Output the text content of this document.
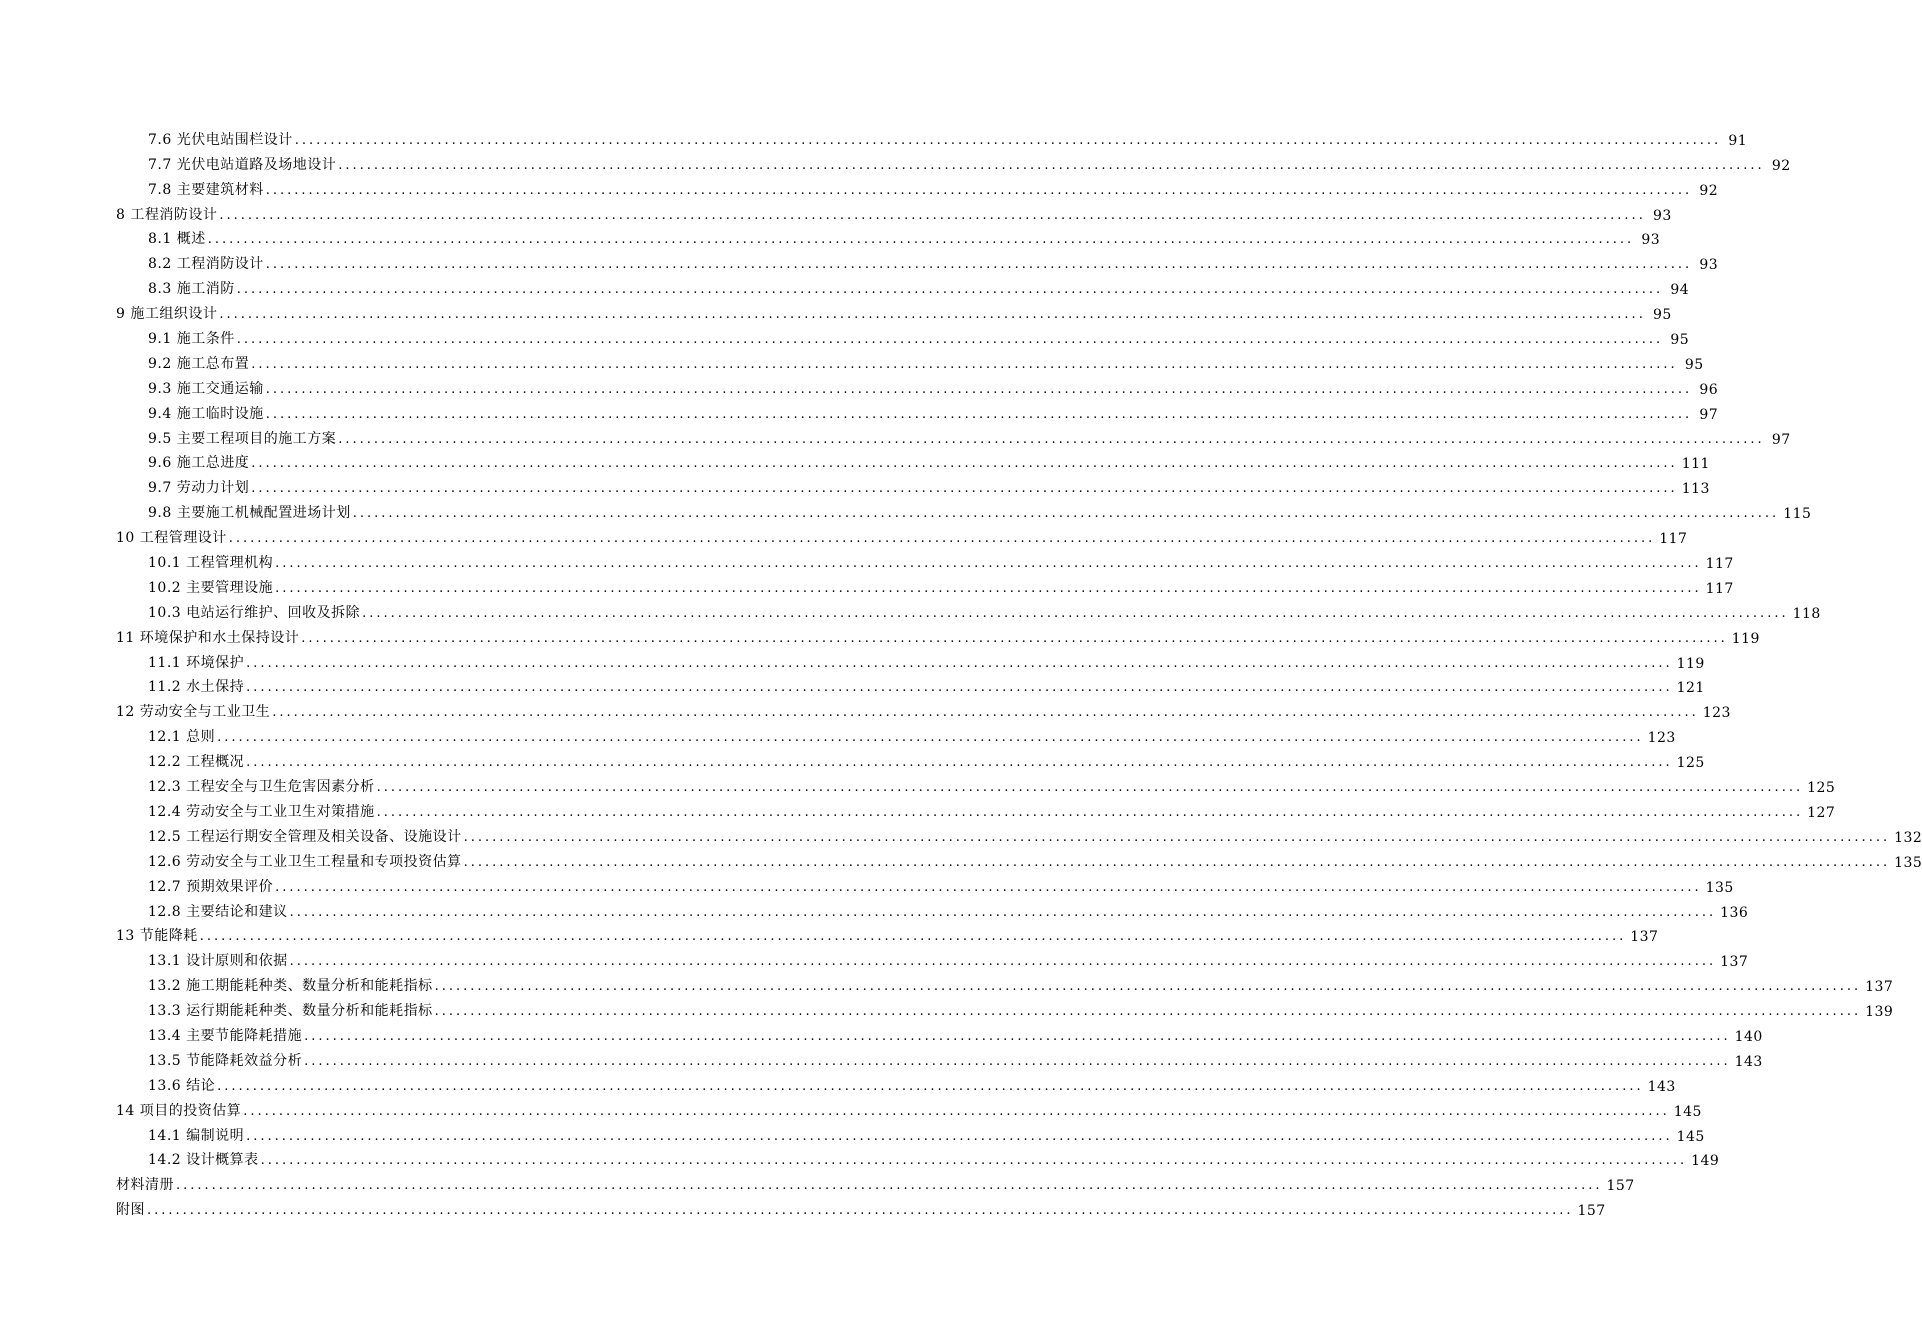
7.6 光伏电站围栏设计 ........................................................................................................................................................................................................ 91
7.7 光伏电站道路及场地设计 ........................................................................................................................................................................................................ 92
7.8 主要建筑材料 ........................................................................................................................................................................................................ 92
8 工程消防设计 ........................................................................................................................................................................................................ 93
8.1 概述 ........................................................................................................................................................................................................ 93
8.2 工程消防设计 ........................................................................................................................................................................................................ 93
8.3 施工消防 ........................................................................................................................................................................................................ 94
9 施工组织设计 ........................................................................................................................................................................................................ 95
9.1 施工条件 ........................................................................................................................................................................................................ 95
9.2 施工总布置 ........................................................................................................................................................................................................ 95
9.3 施工交通运输 ........................................................................................................................................................................................................ 96
9.4 施工临时设施 ........................................................................................................................................................................................................ 97
9.5 主要工程项目的施工方案 ........................................................................................................................................................................................................ 97
9.6 施工总进度 ........................................................................................................................................................................................................ 111
9.7 劳动力计划 ........................................................................................................................................................................................................ 113
9.8 主要施工机械配置进场计划 ........................................................................................................................................................................................................ 115
10 工程管理设计 ........................................................................................................................................................................................................ 117
10.1 工程管理机构 ........................................................................................................................................................................................................ 117
10.2 主要管理设施 ........................................................................................................................................................................................................ 117
10.3 电站运行维护、回收及拆除 ........................................................................................................................................................................................................ 118
11 环境保护和水土保持设计 ........................................................................................................................................................................................................ 119
11.1 环境保护 ........................................................................................................................................................................................................ 119
11.2 水土保持 ........................................................................................................................................................................................................ 121
12 劳动安全与工业卫生 ........................................................................................................................................................................................................ 123
12.1 总则 ........................................................................................................................................................................................................ 123
12.2 工程概况 ........................................................................................................................................................................................................ 125
12.3 工程安全与卫生危害因素分析 ........................................................................................................................................................................................................ 125
12.4 劳动安全与工业卫生对策措施 ........................................................................................................................................................................................................ 127
12.5 工程运行期安全管理及相关设备、设施设计 ........................................................................................................................................................................................................ 132
12.6 劳动安全与工业卫生工程量和专项投资估算 ........................................................................................................................................................................................................ 135
12.7 预期效果评价 ........................................................................................................................................................................................................ 135
12.8 主要结论和建议 ........................................................................................................................................................................................................ 136
13 节能降耗 ........................................................................................................................................................................................................ 137
13.1 设计原则和依据 ........................................................................................................................................................................................................ 137
13.2 施工期能耗种类、数量分析和能耗指标 ........................................................................................................................................................................................................ 137
13.3 运行期能耗种类、数量分析和能耗指标 ........................................................................................................................................................................................................ 139
13.4 主要节能降耗措施 ........................................................................................................................................................................................................ 140
13.5 节能降耗效益分析 ........................................................................................................................................................................................................ 143
13.6 结论 ........................................................................................................................................................................................................ 143
14 项目的投资估算 ........................................................................................................................................................................................................ 145
14.1 编制说明 ........................................................................................................................................................................................................ 145
14.2 设计概算表 ........................................................................................................................................................................................................ 149
材料清册 ........................................................................................................................................................................................................ 157
附图 ........................................................................................................................................................................................................ 157
